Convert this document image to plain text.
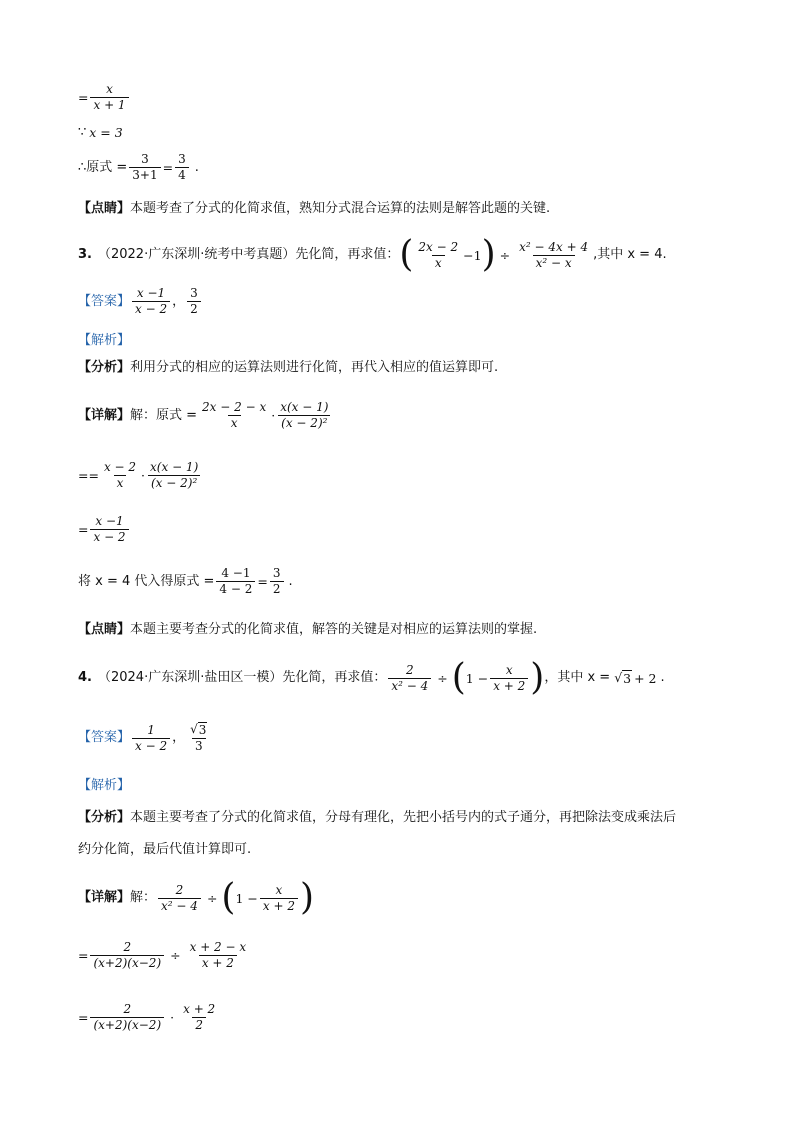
= $\frac{x}{x + 1}$
∵ x = 3
∴原式 = $\frac{3}{3+1} = \frac{3}{4}$ .
【点睛】 本题考查了分式的化简求值，熟知分式混合运算的法则是解答此题的关键.
3. （2022·广东深圳·统考中考真题）先化简，再求值： ( $\frac{2x - 2}{x} -1$ ) ÷ $\frac{\text{x² − 4x + 4}}{\text{x² − x}}$ ,其中 x = 4.
【答案】 $\frac{x -1}{x - 2}$ ， $\frac{3}{2}$
【解析】
【分析】 利用分式的相应的运算法则进行化简，再代入相应的值运算即可.
【详解】 解：原式 = $\frac{2x - 2 - x}{x} \cdot \frac{x(x - 1)}{\text{(x − 2)²}}$
== $\frac{x - 2}{x} \cdot \frac{x(x - 1)}{\text{(x − 2)²}}$
= $\frac{x -1}{x - 2}$
将 x = 4 代入得原式 = $\frac{4 -1}{4 - 2} = \frac{3}{2}$ .
【点睛】 本题主要考查分式的化简求值，解答的关键是对相应的运算法则的掌握.
4. （2024·广东深圳·盐田区一模）先化简，再求值： $\frac{2}{\text{x² − 4}}$ ÷ ( $1 - \frac{x}{x + 2}$ ) ，其中 x = √ 3 + 2 .
【答案】 $\frac{1}{x - 2}$ ， $\frac{√ 3}{3}$
【解析】
【分析】 本题主要考查了分式的化简求值，分母有理化，先把小括号内的式子通分，再把除法变成乘法后
约分化简，最后代值计算即可.
【详解】 解： $\frac{2}{\text{x² − 4}}$ ÷ ( $1 - \frac{x}{x + 2}$ )
= $\frac{2}{(x+2)(x-2)} \div \frac{x + 2 - x}{x + 2}$
= $\frac{2}{(x+2)(x-2)} \cdot \frac{x + 2}{2}$
